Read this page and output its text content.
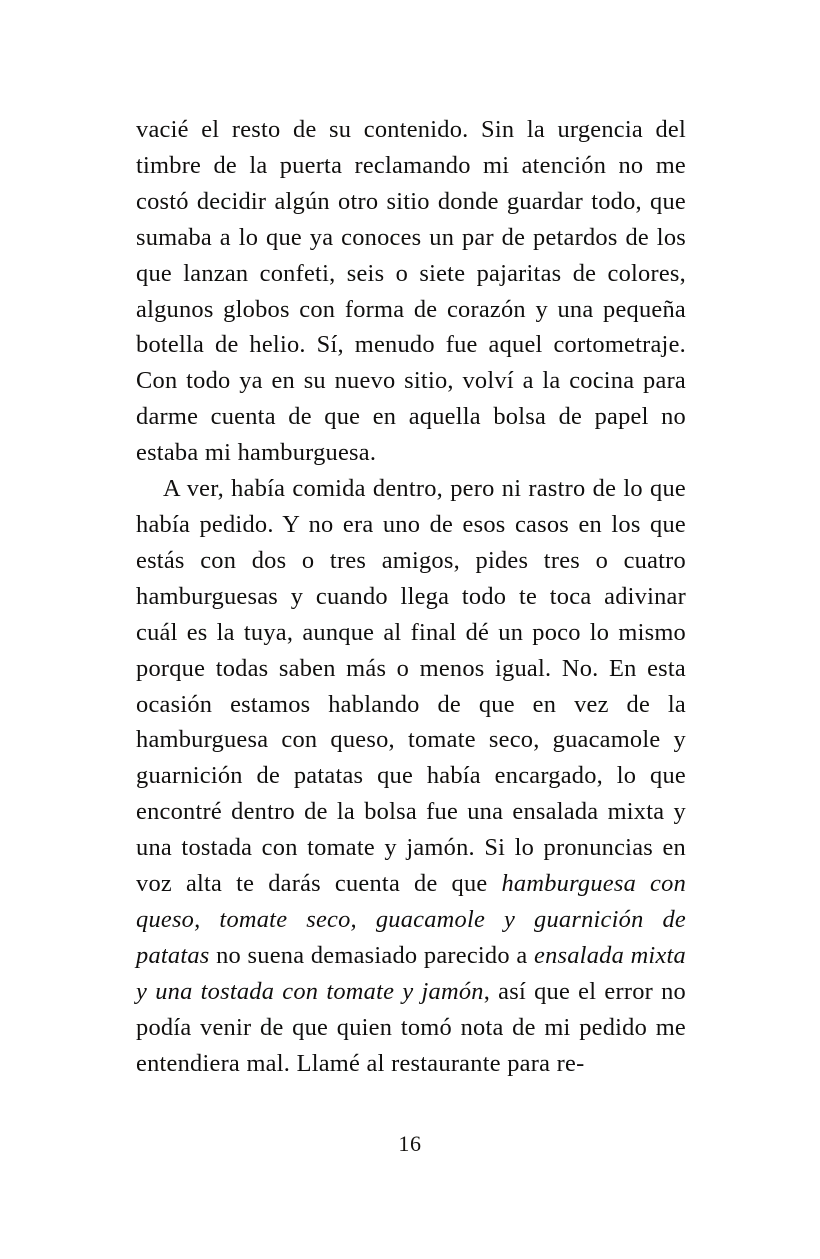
vacié el resto de su contenido. Sin la urgencia del timbre de la puerta reclamando mi atención no me costó decidir algún otro sitio donde guardar todo, que sumaba a lo que ya conoces un par de petardos de los que lanzan confeti, seis o siete pajaritas de colores, algunos globos con forma de corazón y una pequeña botella de helio. Sí, menudo fue aquel cortometraje. Con todo ya en su nuevo sitio, volví a la cocina para darme cuenta de que en aquella bolsa de papel no estaba mi hamburguesa.

A ver, había comida dentro, pero ni rastro de lo que había pedido. Y no era uno de esos casos en los que estás con dos o tres amigos, pides tres o cuatro hamburguesas y cuando llega todo te toca adivinar cuál es la tuya, aunque al final dé un poco lo mismo porque todas saben más o menos igual. No. En esta ocasión estamos hablando de que en vez de la hamburguesa con queso, tomate seco, guacamole y guarnición de patatas que había encargado, lo que encontré dentro de la bolsa fue una ensalada mixta y una tostada con tomate y jamón. Si lo pronuncias en voz alta te darás cuenta de que hamburguesa con queso, tomate seco, guacamole y guarnición de patatas no suena demasiado parecido a ensalada mixta y una tostada con tomate y jamón, así que el error no podía venir de que quien tomó nota de mi pedido me entendiera mal. Llamé al restaurante para re-

16
